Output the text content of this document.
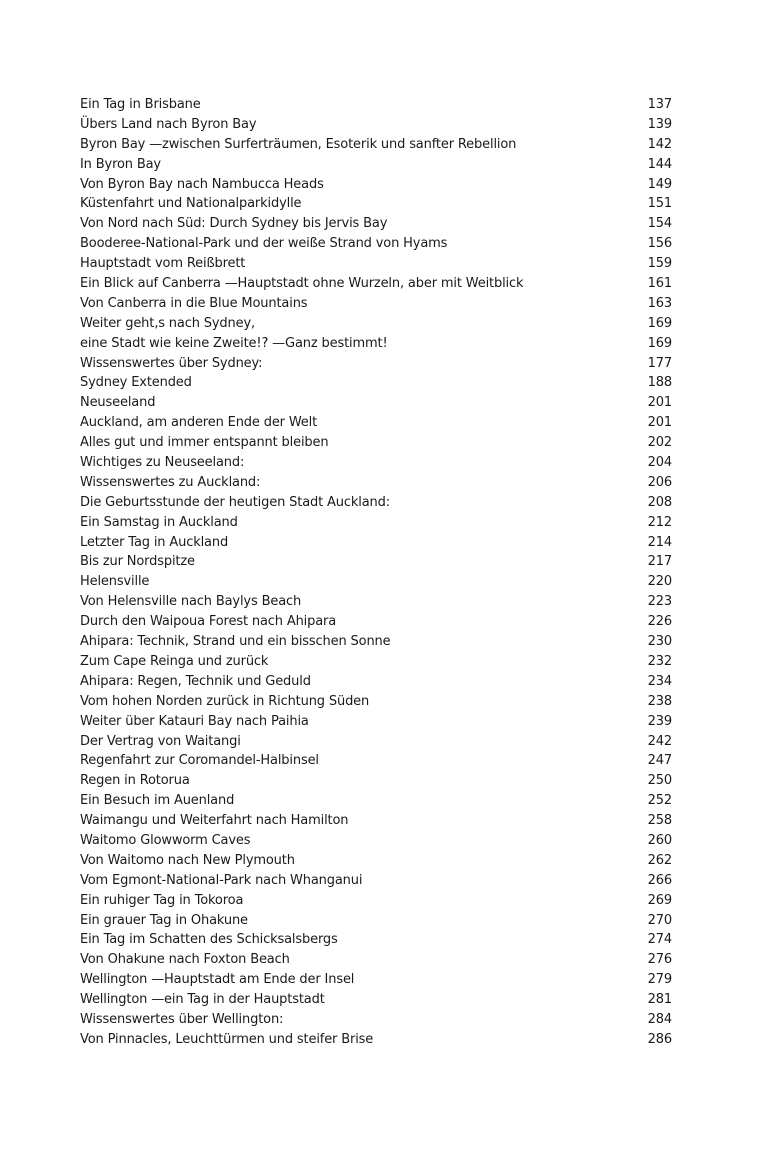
Ein Tag in Brisbane	137
Übers Land nach Byron Bay	139
Byron Bay —zwischen Surferträumen, Esoterik und sanfter Rebellion	142
In Byron Bay	144
Von Byron Bay nach Nambucca Heads	149
Küstenfahrt und Nationalparkidylle	151
Von Nord nach Süd: Durch Sydney bis Jervis Bay	154
Booderee-National-Park und der weiße Strand von Hyams	156
Hauptstadt vom Reißbrett	159
Ein Blick auf Canberra —Hauptstadt ohne Wurzeln, aber mit Weitblick	161
Von Canberra in die Blue Mountains	163
Weiter geht‚s nach Sydney,	169
eine Stadt wie keine Zweite!? —Ganz bestimmt!	169
Wissenswertes über Sydney:	177
Sydney Extended	188
Neuseeland	201
Auckland, am anderen Ende der Welt	201
Alles gut und immer entspannt bleiben	202
Wichtiges zu Neuseeland:	204
Wissenswertes zu Auckland:	206
Die Geburtsstunde der heutigen Stadt Auckland:	208
Ein Samstag in Auckland	212
Letzter Tag in Auckland	214
Bis zur Nordspitze	217
Helensville	220
Von Helensville nach Baylys Beach	223
Durch den Waipoua Forest nach Ahipara	226
Ahipara: Technik, Strand und ein bisschen Sonne	230
Zum Cape Reinga und zurück	232
Ahipara: Regen, Technik und Geduld	234
Vom hohen Norden zurück in Richtung Süden	238
Weiter über Katauri Bay nach Paihia	239
Der Vertrag von Waitangi	242
Regenfahrt zur Coromandel-Halbinsel	247
Regen in Rotorua	250
Ein Besuch im Auenland	252
Waimangu und Weiterfahrt nach Hamilton	258
Waitomo Glowworm Caves	260
Von Waitomo nach New Plymouth	262
Vom Egmont-National-Park nach Whanganui	266
Ein ruhiger Tag in Tokoroa	269
Ein grauer Tag in Ohakune	270
Ein Tag im Schatten des Schicksalsbergs	274
Von Ohakune nach Foxton Beach	276
Wellington —Hauptstadt am Ende der Insel	279
Wellington —ein Tag in der Hauptstadt	281
Wissenswertes über Wellington:	284
Von Pinnacles, Leuchttürmen und steifer Brise	286
